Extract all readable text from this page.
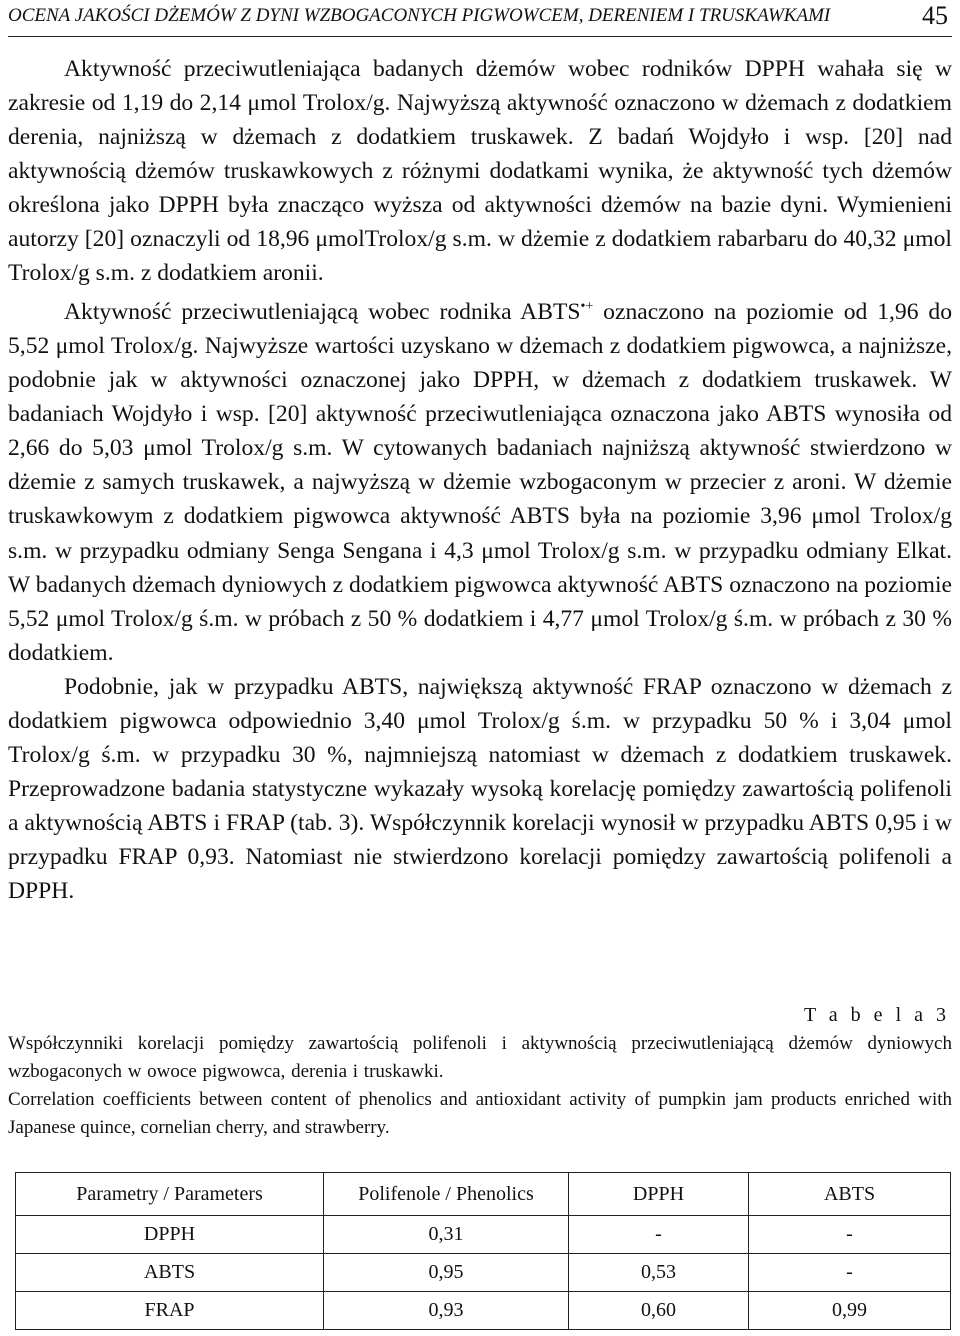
OCENA JAKOŚCI DŻEMÓW Z DYNI WZBOGACONYCH PIGWOWCEM, DERENIEM I TRUSKAWKAMI	45

Aktywność przeciwutleniająca badanych dżemów wobec rodników DPPH wahała się w zakresie od 1,19 do 2,14 μmol Trolox/g. Najwyższą aktywność oznaczono w dżemach z dodatkiem derenia, najniższą w dżemach z dodatkiem truskawek. Z badań Wojdyło i wsp. [20] nad aktywnością dżemów truskawkowych z różnymi dodatkami wynika, że aktywność tych dżemów określona jako DPPH była znacząco wyższa od aktywności dżemów na bazie dyni. Wymienieni autorzy [20] oznaczyli od 18,96 μmolTrolox/g s.m. w dżemie z dodatkiem rabarbaru do 40,32 μmol Trolox/g s.m. z dodatkiem aronii.

Aktywność przeciwutleniającą wobec rodnika ABTS•+ oznaczono na poziomie od 1,96 do 5,52 μmol Trolox/g. Najwyższe wartości uzyskano w dżemach z dodatkiem pigwowca, a najniższe, podobnie jak w aktywności oznaczonej jako DPPH, w dżemach z dodatkiem truskawek. W badaniach Wojdyło i wsp. [20] aktywność przeciwutleniająca oznaczona jako ABTS wynosiła od 2,66 do 5,03 μmol Trolox/g s.m. W cytowanych badaniach najniższą aktywność stwierdzono w dżemie z samych truskawek, a najwyższą w dżemie wzbogaconym w przecier z aroni. W dżemie truskawkowym z dodatkiem pigwowca aktywność ABTS była na poziomie 3,96 μmol Trolox/g s.m. w przypadku odmiany Senga Sengana i 4,3 μmol Trolox/g s.m. w przypadku odmiany Elkat. W badanych dżemach dyniowych z dodatkiem pigwowca aktywność ABTS oznaczono na poziomie 5,52 μmol Trolox/g ś.m. w próbach z 50 % dodatkiem i 4,77 μmol Trolox/g ś.m. w próbach z 30 % dodatkiem.

Podobnie, jak w przypadku ABTS, największą aktywność FRAP oznaczono w dżemach z dodatkiem pigwowca odpowiednio 3,40 μmol Trolox/g ś.m. w przypadku 50 % i 3,04 μmol Trolox/g ś.m. w przypadku 30 %, najmniejszą natomiast w dżemach z dodatkiem truskawek. Przeprowadzone badania statystyczne wykazały wysoką korelację pomiędzy zawartością polifenoli a aktywnością ABTS i FRAP (tab. 3). Współczynnik korelacji wynosił w przypadku ABTS 0,95 i w przypadku FRAP 0,93. Natomiast nie stwierdzono korelacji pomiędzy zawartością polifenoli a DPPH.

T a b e l a 3

Współczynniki korelacji pomiędzy zawartością polifenoli i aktywnością przeciwutleniającą dżemów dyniowych wzbogaconych w owoce pigwowca, derenia i truskawki.

Correlation coefficients between content of phenolics and antioxidant activity of pumpkin jam products enriched with Japanese quince, cornelian cherry, and strawberry.

Parametry / Parameters	Polifenole / Phenolics	DPPH	ABTS
DPPH	0,31	-	-
ABTS	0,95	0,53	-
FRAP	0,93	0,60	0,99
